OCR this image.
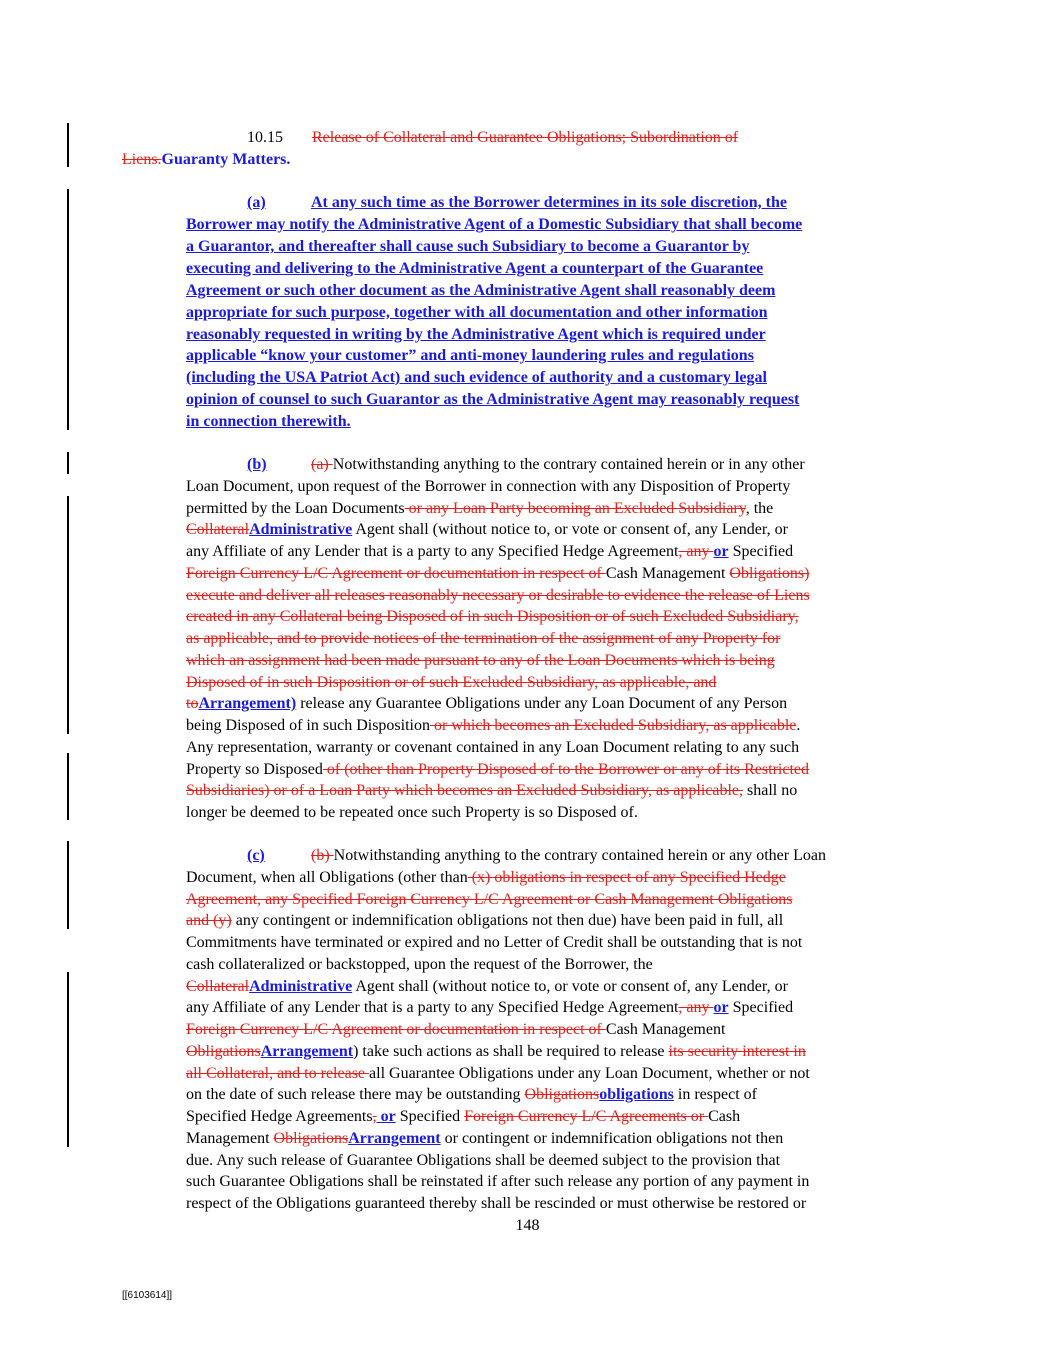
10.15 Release of Collateral and Guarantee Obligations; Subordination of
Liens.Guaranty Matters.
(a)	At any such time as the Borrower determines in its sole discretion, the
Borrower may notify the Administrative Agent of a Domestic Subsidiary that shall become
a Guarantor, and thereafter shall cause such Subsidiary to become a Guarantor by
executing and delivering to the Administrative Agent a counterpart of the Guarantee
Agreement or such other document as the Administrative Agent shall reasonably deem
appropriate for such purpose, together with all documentation and other information
reasonably requested in writing by the Administrative Agent which is required under
applicable “know your customer” and anti-money laundering rules and regulations
(including the USA Patriot Act) and such evidence of authority and a customary legal
opinion of counsel to such Guarantor as the Administrative Agent may reasonably request
in connection therewith.
(b)	(a) Notwithstanding anything to the contrary contained herein or in any other
Loan Document, upon request of the Borrower in connection with any Disposition of Property
permitted by the Loan Documents or any Loan Party becoming an Excluded Subsidiary, the
CollateralAdministrative Agent shall (without notice to, or vote or consent of, any Lender, or
any Affiliate of any Lender that is a party to any Specified Hedge Agreement, any or Specified
Foreign Currency L/C Agreement or documentation in respect of Cash Management Obligations)
execute and deliver all releases reasonably necessary or desirable to evidence the release of Liens
created in any Collateral being Disposed of in such Disposition or of such Excluded Subsidiary,
as applicable, and to provide notices of the termination of the assignment of any Property for
which an assignment had been made pursuant to any of the Loan Documents which is being
Disposed of in such Disposition or of such Excluded Subsidiary, as applicable, and
toArrangement) release any Guarantee Obligations under any Loan Document of any Person
being Disposed of in such Disposition or which becomes an Excluded Subsidiary, as applicable.
Any representation, warranty or covenant contained in any Loan Document relating to any such
Property so Disposed of (other than Property Disposed of to the Borrower or any of its Restricted
Subsidiaries) or of a Loan Party which becomes an Excluded Subsidiary, as applicable, shall no
longer be deemed to be repeated once such Property is so Disposed of.
(c)	(b) Notwithstanding anything to the contrary contained herein or any other Loan
Document, when all Obligations (other than (x) obligations in respect of any Specified Hedge
Agreement, any Specified Foreign Currency L/C Agreement or Cash Management Obligations
and (y) any contingent or indemnification obligations not then due) have been paid in full, all
Commitments have terminated or expired and no Letter of Credit shall be outstanding that is not
cash collateralized or backstopped, upon the request of the Borrower, the
CollateralAdministrative Agent shall (without notice to, or vote or consent of, any Lender, or
any Affiliate of any Lender that is a party to any Specified Hedge Agreement, any or Specified
Foreign Currency L/C Agreement or documentation in respect of Cash Management
ObligationsArrangement) take such actions as shall be required to release its security interest in
all Collateral, and to release all Guarantee Obligations under any Loan Document, whether or not
on the date of such release there may be outstanding Obligationsobligations in respect of
Specified Hedge Agreements, or Specified Foreign Currency L/C Agreements or Cash
Management ObligationsArrangement or contingent or indemnification obligations not then
due. Any such release of Guarantee Obligations shall be deemed subject to the provision that
such Guarantee Obligations shall be reinstated if after such release any portion of any payment in
respect of the Obligations guaranteed thereby shall be rescinded or must otherwise be restored or
148
[[6103614]]
